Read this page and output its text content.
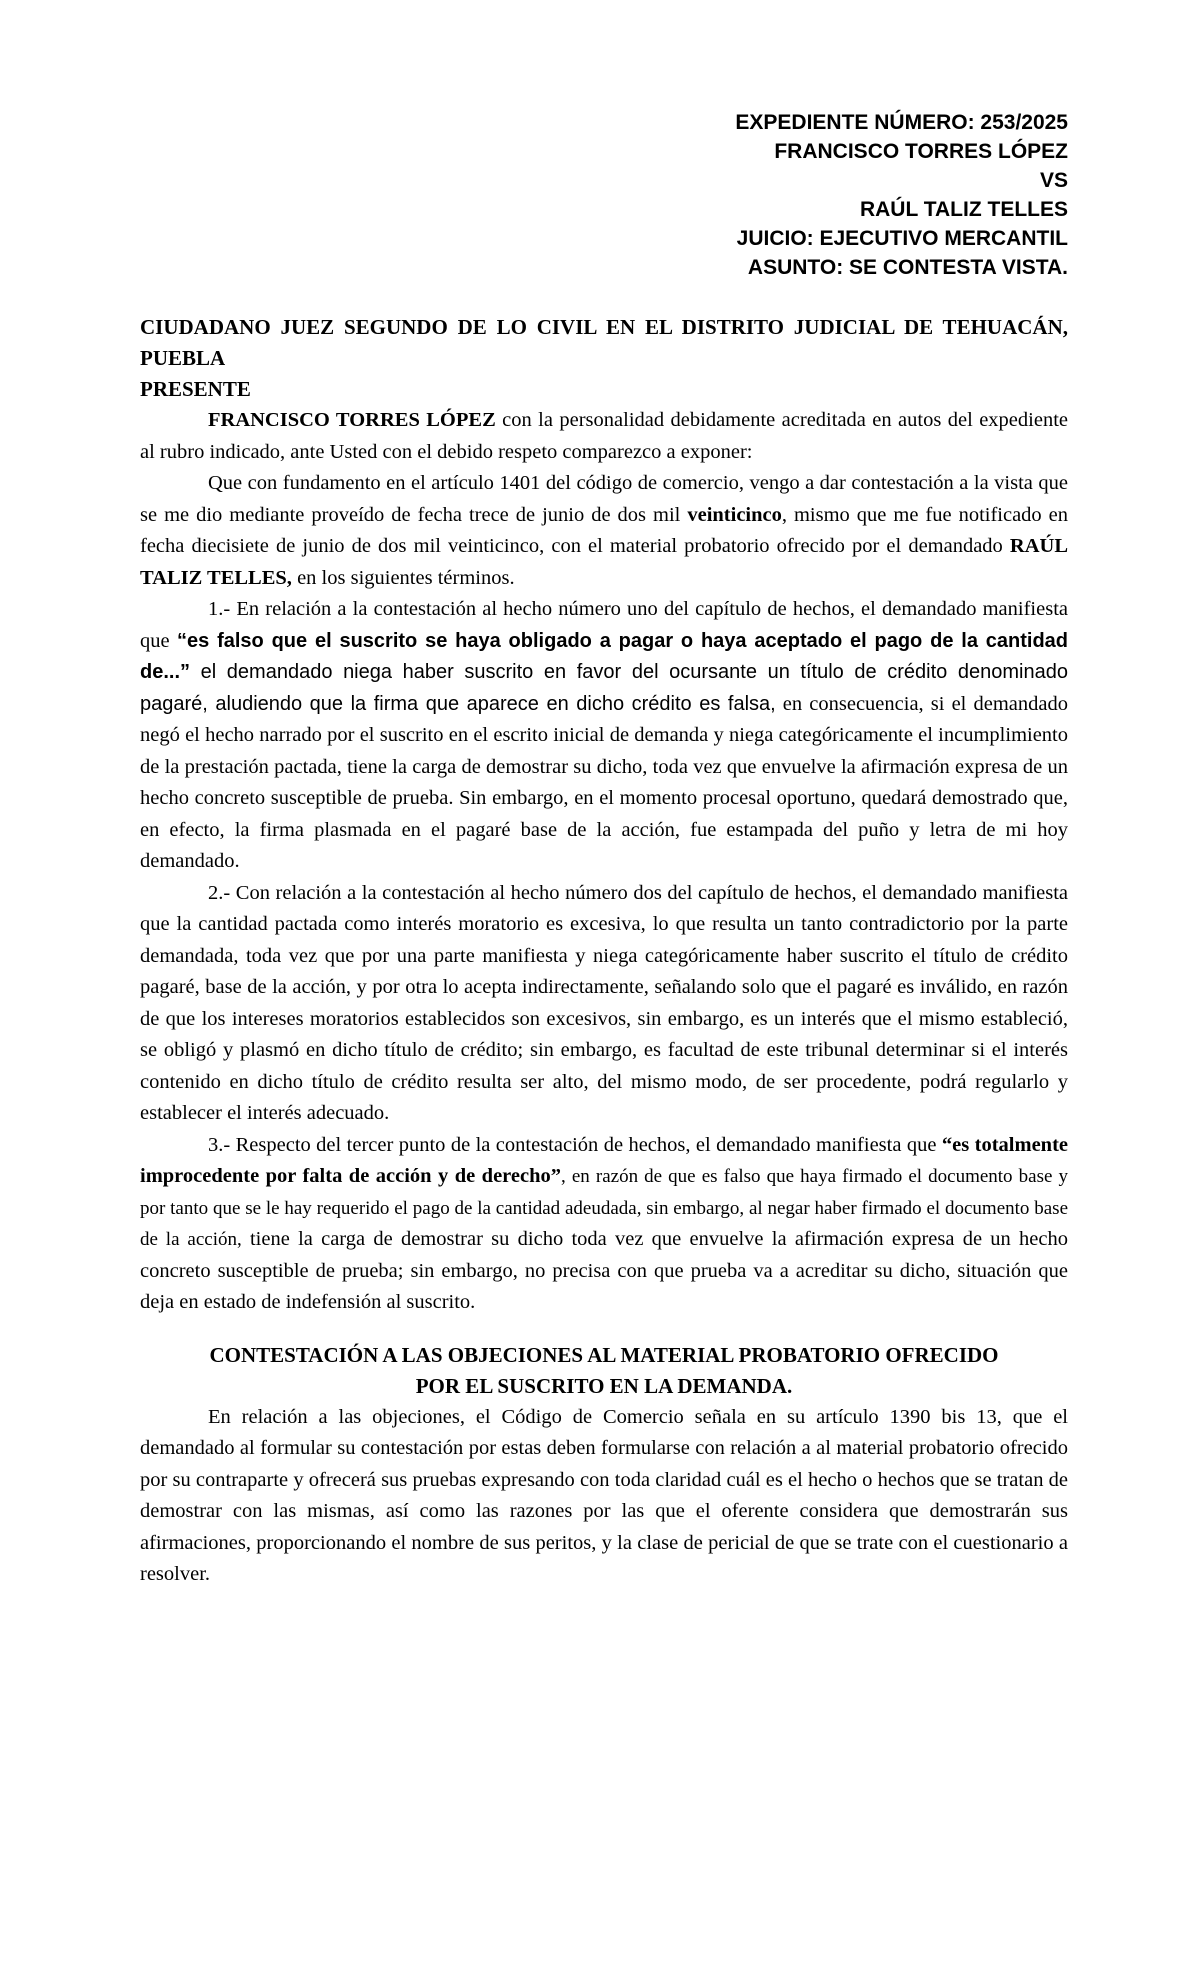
EXPEDIENTE NÚMERO: 253/2025
FRANCISCO TORRES LÓPEZ
VS
RAÚL TALIZ TELLES
JUICIO: EJECUTIVO MERCANTIL
ASUNTO: SE CONTESTA VISTA.
CIUDADANO JUEZ SEGUNDO DE LO CIVIL EN EL DISTRITO JUDICIAL DE TEHUACÁN, PUEBLA
PRESENTE

FRANCISCO TORRES LÓPEZ con la personalidad debidamente acreditada en autos del expediente al rubro indicado, ante Usted con el debido respeto comparezco a exponer:

Que con fundamento en el artículo 1401 del código de comercio, vengo a dar contestación a la vista que se me dio mediante proveído de fecha trece de junio de dos mil veinticinco, mismo que me fue notificado en fecha diecisiete de junio de dos mil veinticinco, con el material probatorio ofrecido por el demandado RAÚL TALIZ TELLES, en los siguientes términos.

1.- En relación a la contestación al hecho número uno del capítulo de hechos, el demandado manifiesta que “es falso que el suscrito se haya obligado a pagar o haya aceptado el pago de la cantidad de...” el demandado niega haber suscrito en favor del ocursante un título de crédito denominado pagaré, aludiendo que la firma que aparece en dicho crédito es falsa, en consecuencia, si el demandado negó el hecho narrado por el suscrito en el escrito inicial de demanda y niega categóricamente el incumplimiento de la prestación pactada, tiene la carga de demostrar su dicho, toda vez que envuelve la afirmación expresa de un hecho concreto susceptible de prueba. Sin embargo, en el momento procesal oportuno, quedará demostrado que, en efecto, la firma plasmada en el pagaré base de la acción, fue estampada del puño y letra de mi hoy demandado.

2.- Con relación a la contestación al hecho número dos del capítulo de hechos, el demandado manifiesta que la cantidad pactada como interés moratorio es excesiva, lo que resulta un tanto contradictorio por la parte demandada, toda vez que por una parte manifiesta y niega categóricamente haber suscrito el título de crédito pagaré, base de la acción, y por otra lo acepta indirectamente, señalando solo que el pagaré es inválido, en razón de que los intereses moratorios establecidos son excesivos, sin embargo, es un interés que el mismo estableció, se obligó y plasmó en dicho título de crédito; sin embargo, es facultad de este tribunal determinar si el interés contenido en dicho título de crédito resulta ser alto, del mismo modo, de ser procedente, podrá regularlo y establecer el interés adecuado.

3.- Respecto del tercer punto de la contestación de hechos, el demandado manifiesta que “es totalmente improcedente por falta de acción y de derecho”, en razón de que es falso que haya firmado el documento base y por tanto que se le hay requerido el pago de la cantidad adeudada, sin embargo, al negar haber firmado el documento base de la acción, tiene la carga de demostrar su dicho toda vez que envuelve la afirmación expresa de un hecho concreto susceptible de prueba; sin embargo, no precisa con que prueba va a acreditar su dicho, situación que deja en estado de indefensión al suscrito.

CONTESTACIÓN A LAS OBJECIONES AL MATERIAL PROBATORIO OFRECIDO
POR EL SUSCRITO EN LA DEMANDA.

En relación a las objeciones, el Código de Comercio señala en su artículo 1390 bis 13, que el demandado al formular su contestación por estas deben formularse con relación a al material probatorio ofrecido por su contraparte y ofrecerá sus pruebas expresando con toda claridad cuál es el hecho o hechos que se tratan de demostrar con las mismas, así como las razones por las que el oferente considera que demostrarán sus afirmaciones, proporcionando el nombre de sus peritos, y la clase de pericial de que se trate con el cuestionario a resolver.
